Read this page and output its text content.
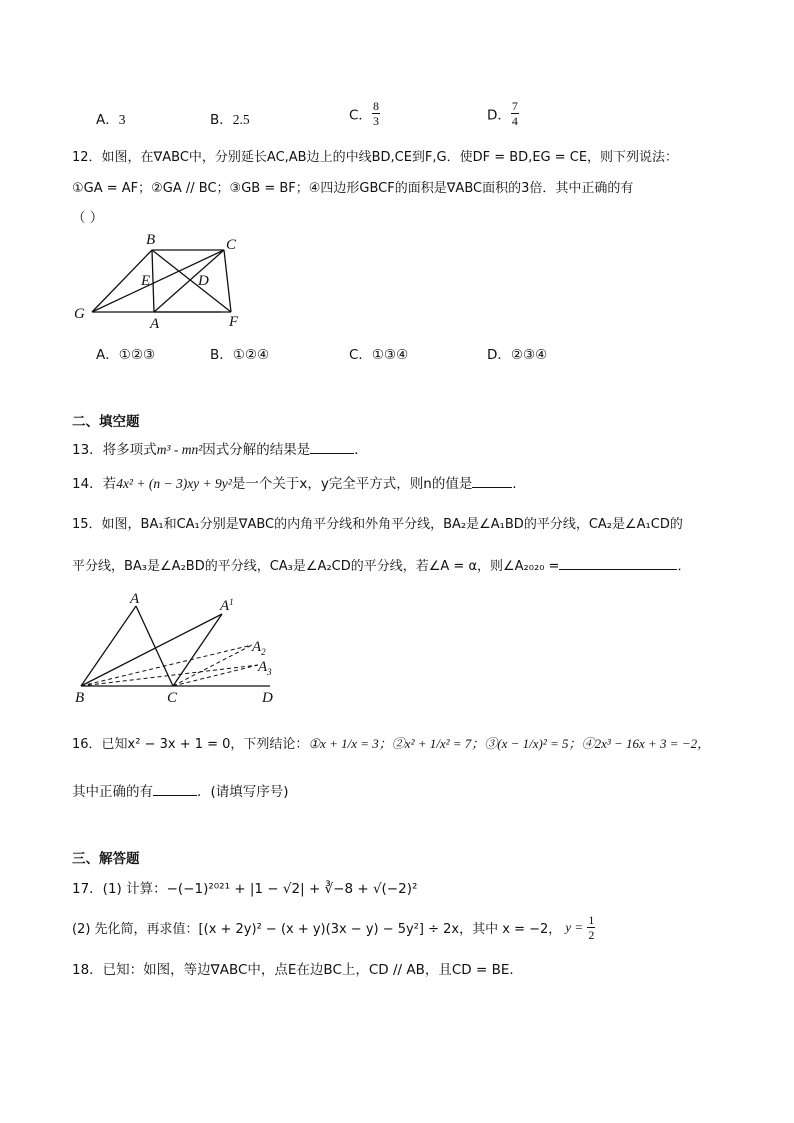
A．3	B．2.5	C． $\frac{8}{3}$	D． $\frac{7}{4}$
12．如图，在∇ABC中，分别延长AC,AB边上的中线BD,CE到F,G．使DF = BD,EG = CE，则下列说法：
①GA = AF；②GA // BC；③GB = BF；④四边形GBCF的面积是∇ABC面积的3倍．其中正确的有
（ ）
B	C
E	D
G
A	F
A．①②③	B．①②④	C．①③④	D．②③④
二、填空题
13．将多项式m³ - mn²因式分解的结果是	．
14．若4x² + (n − 3)xy + 9y²是一个关于x，y完全平方式，则n的值是	．
15．如图，BA₁和CA₁分别是∇ABC的内角平分线和外角平分线，BA₂是∠A₁BD的平分线，CA₂是∠A₁CD的
平分线，BA₃是∠A₂BD的平分线，CA₃是∠A₂CD的平分线，若∠A = α，则∠A₂₀₂₀ =	．
A	$A^1$
$A_2$
$A_3$
B	C	D
16．已知x² − 3x + 1 = 0，下列结论：①x + 1/x = 3；②x² + 1/x² = 7；③(x − 1/x)² = 5；④2x³ − 16x + 3 = −2，
其中正确的有	．(请填写序号)
三、解答题
17．(1) 计算：−(−1)²⁰²¹ + |1 − √2| + ∛−8 + √(−2)²
(2) 先化简，再求值：[(x + 2y)² − (x + y)(3x − y) − 5y²] ÷ 2x，其中 x = −2， $y = \frac{1}{2}$
18．已知：如图，等边∇ABC中，点E在边BC上，CD // AB，且CD = BE．
